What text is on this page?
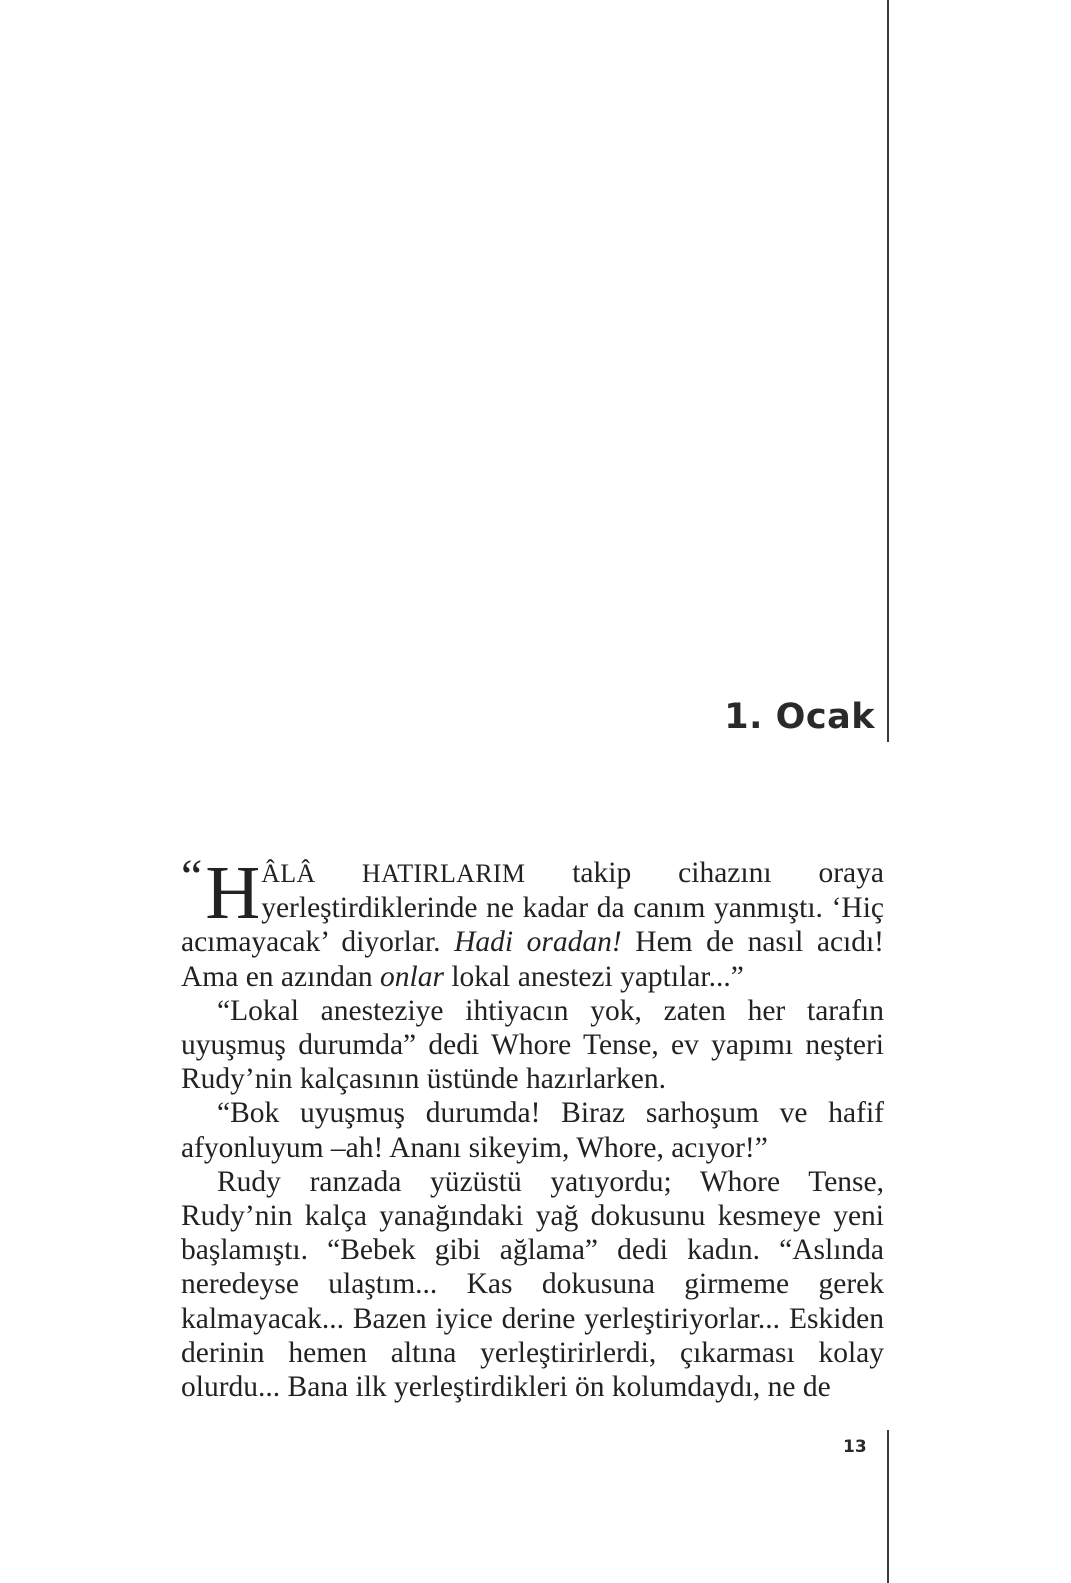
1. Ocak

“ H ÂLÂ HATIRLARIM takip cihazını oraya yerleştirdiklerinde ne kadar da canım yanmıştı. ‘Hiç acımayacak’ diyorlar. Hadi oradan! Hem de nasıl acıdı! Ama en azından onlar lokal anestezi yaptılar...”

“Lokal anesteziye ihtiyacın yok, zaten her tarafın uyuşmuş durumda” dedi Whore Tense, ev yapımı neşteri Rudy’nin kalçasının üstünde hazırlarken.

“Bok uyuşmuş durumda! Biraz sarhoşum ve hafif afyonluyum –ah! Ananı sikeyim, Whore, acıyor!”

Rudy ranzada yüzüstü yatıyordu; Whore Tense, Rudy’nin kalça yanağındaki yağ dokusunu kesmeye yeni başlamıştı. “Bebek gibi ağlama” dedi kadın. “Aslında neredeyse ulaştım... Kas dokusuna girmeme gerek kalmayacak... Bazen iyice derine yerleştiriyorlar... Eskiden derinin hemen altına yerleştirirlerdi, çıkarması kolay olurdu... Bana ilk yerleştirdikleri ön kolumdaydı, ne de

13
